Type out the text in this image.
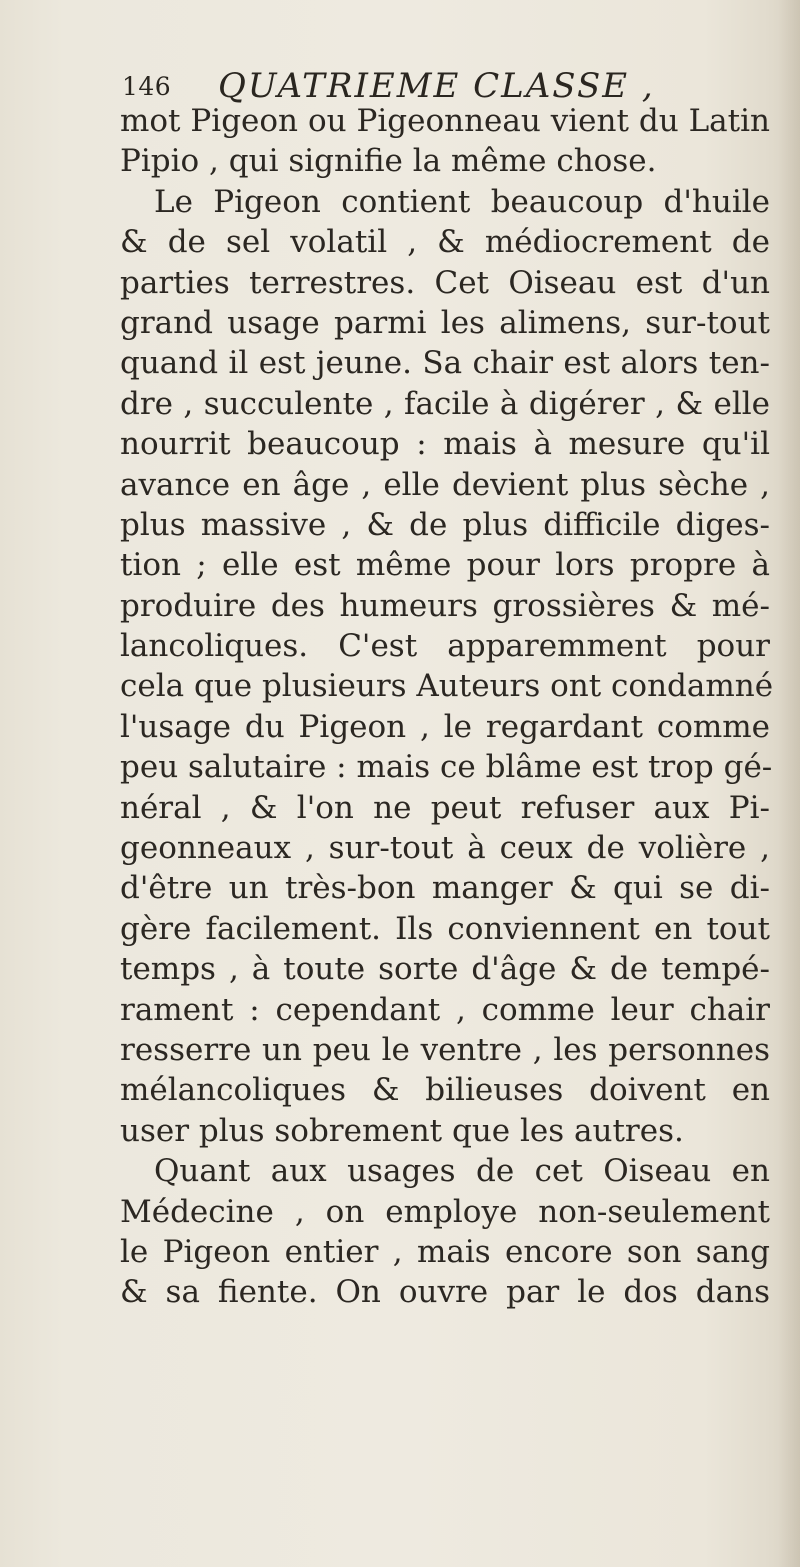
146 QUATRIEME CLASSE ,
mot Pigeon ou Pigeonneau vient du Latin
Pipio , qui signifie la même chose.
Le Pigeon contient beaucoup d'huile
& de sel volatil , & médiocrement de
parties terrestres. Cet Oiseau est d'un
grand usage parmi les alimens, sur-tout
quand il est jeune. Sa chair est alors ten-
dre , succulente , facile à digérer , & elle
nourrit beaucoup : mais à mesure qu'il
avance en âge , elle devient plus sèche ,
plus massive , & de plus difficile diges-
tion ; elle est même pour lors propre à
produire des humeurs grossières & mé-
lancoliques. C'est apparemment pour
cela que plusieurs Auteurs ont condamné
l'usage du Pigeon , le regardant comme
peu salutaire : mais ce blâme est trop gé-
néral , & l'on ne peut refuser aux Pi-
geonneaux , sur-tout à ceux de volière ,
d'être un très-bon manger & qui se di-
gère facilement. Ils conviennent en tout
temps , à toute sorte d'âge & de tempé-
rament : cependant , comme leur chair
resserre un peu le ventre , les personnes
mélancoliques & bilieuses doivent en
user plus sobrement que les autres.
Quant aux usages de cet Oiseau en
Médecine , on employe non-seulement
le Pigeon entier , mais encore son sang
& sa fiente. On ouvre par le dos dans
